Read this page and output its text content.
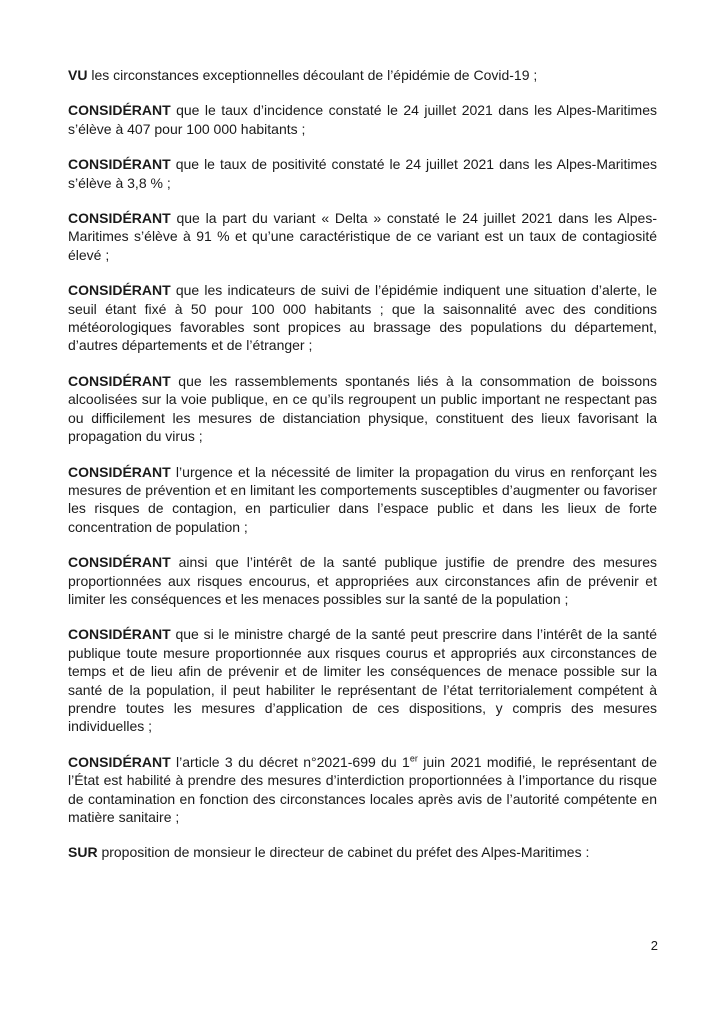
VU les circonstances exceptionnelles découlant de l’épidémie de Covid-19 ;

CONSIDÉRANT que le taux d’incidence constaté le 24 juillet 2021 dans les Alpes-Maritimes s’élève à 407 pour 100 000 habitants ;

CONSIDÉRANT que le taux de positivité constaté le 24 juillet 2021 dans les Alpes-Maritimes s’élève à 3,8 % ;

CONSIDÉRANT que la part du variant « Delta » constaté le 24 juillet 2021 dans les Alpes-Maritimes s’élève à 91 % et qu’une caractéristique de ce variant est un taux de contagiosité élevé ;

CONSIDÉRANT que les indicateurs de suivi de l’épidémie indiquent une situation d’alerte, le seuil étant fixé à 50 pour 100 000 habitants ; que la saisonnalité avec des conditions météorologiques favorables sont propices au brassage des populations du département, d’autres départements et de l’étranger ;

CONSIDÉRANT que les rassemblements spontanés liés à la consommation de boissons alcoolisées sur la voie publique, en ce qu’ils regroupent un public important ne respectant pas ou difficilement les mesures de distanciation physique, constituent des lieux favorisant la propagation du virus ;

CONSIDÉRANT l’urgence et la nécessité de limiter la propagation du virus en renforçant les mesures de prévention et en limitant les comportements susceptibles d’augmenter ou favoriser les risques de contagion, en particulier dans l’espace public et dans les lieux de forte concentration de population ;

CONSIDÉRANT ainsi que l’intérêt de la santé publique justifie de prendre des mesures proportionnées aux risques encourus, et appropriées aux circonstances afin de prévenir et limiter les conséquences et les menaces possibles sur la santé de la population ;

CONSIDÉRANT que si le ministre chargé de la santé peut prescrire dans l’intérêt de la santé publique toute mesure proportionnée aux risques courus et appropriés aux circonstances de temps et de lieu afin de prévenir et de limiter les conséquences de menace possible sur la santé de la population, il peut habiliter le représentant de l’état territorialement compétent à prendre toutes les mesures d’application de ces dispositions, y compris des mesures individuelles ;

CONSIDÉRANT l’article 3 du décret n°2021-699 du 1er juin 2021 modifié, le représentant de l’État est habilité à prendre des mesures d’interdiction proportionnées à l’importance du risque de contamination en fonction des circonstances locales après avis de l’autorité compétente en matière sanitaire ;

SUR proposition de monsieur le directeur de cabinet du préfet des Alpes-Maritimes :

2
